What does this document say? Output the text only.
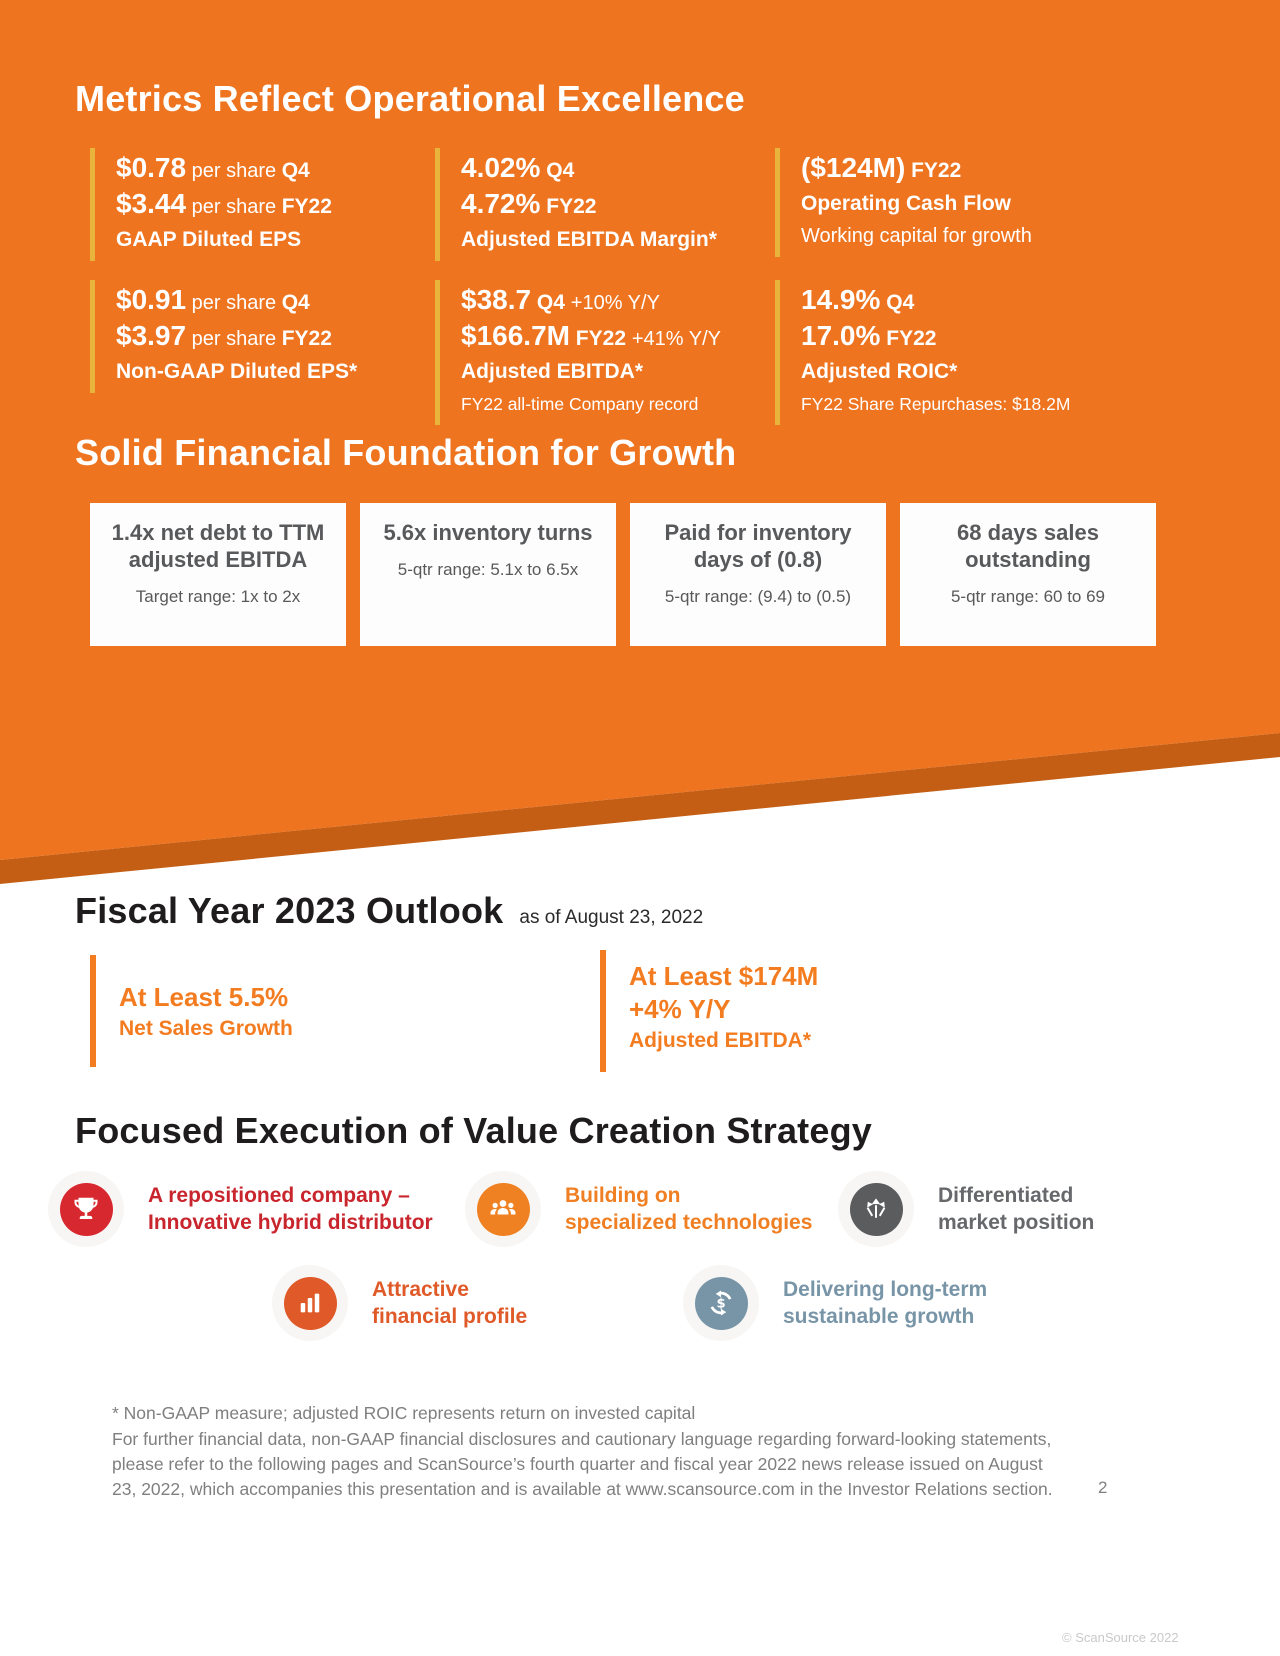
Metrics Reflect Operational Excellence
$0.78 per share Q4
$3.44 per share FY22
GAAP Diluted EPS
4.02% Q4
4.72% FY22
Adjusted EBITDA Margin*
($124M) FY22
Operating Cash Flow
Working capital for growth
$0.91 per share Q4
$3.97 per share FY22
Non-GAAP Diluted EPS*
$38.7 Q4 +10% Y/Y
$166.7M FY22 +41% Y/Y
Adjusted EBITDA*
FY22 all-time Company record
14.9% Q4
17.0% FY22
Adjusted ROIC*
FY22 Share Repurchases: $18.2M
Solid Financial Foundation for Growth
1.4x net debt to TTM adjusted EBITDA
Target range: 1x to 2x
5.6x inventory turns
5-qtr range: 5.1x to 6.5x
Paid for inventory days of (0.8)
5-qtr range: (9.4) to (0.5)
68 days sales outstanding
5-qtr range: 60 to 69
Fiscal Year 2023 Outlook as of August 23, 2022
At Least 5.5%
Net Sales Growth
At Least $174M
+4% Y/Y
Adjusted EBITDA*
Focused Execution of Value Creation Strategy
A repositioned company –
Innovative hybrid distributor
Building on
specialized technologies
Differentiated
market position
Attractive
financial profile
$
Delivering long-term
sustainable growth
* Non-GAAP measure; adjusted ROIC represents return on invested capital
For further financial data, non-GAAP financial disclosures and cautionary language regarding forward-looking statements, please refer to the following pages and ScanSource’s fourth quarter and fiscal year 2022 news release issued on August 23, 2022, which accompanies this presentation and is available at www.scansource.com in the Investor Relations section.	2
© ScanSource 2022
